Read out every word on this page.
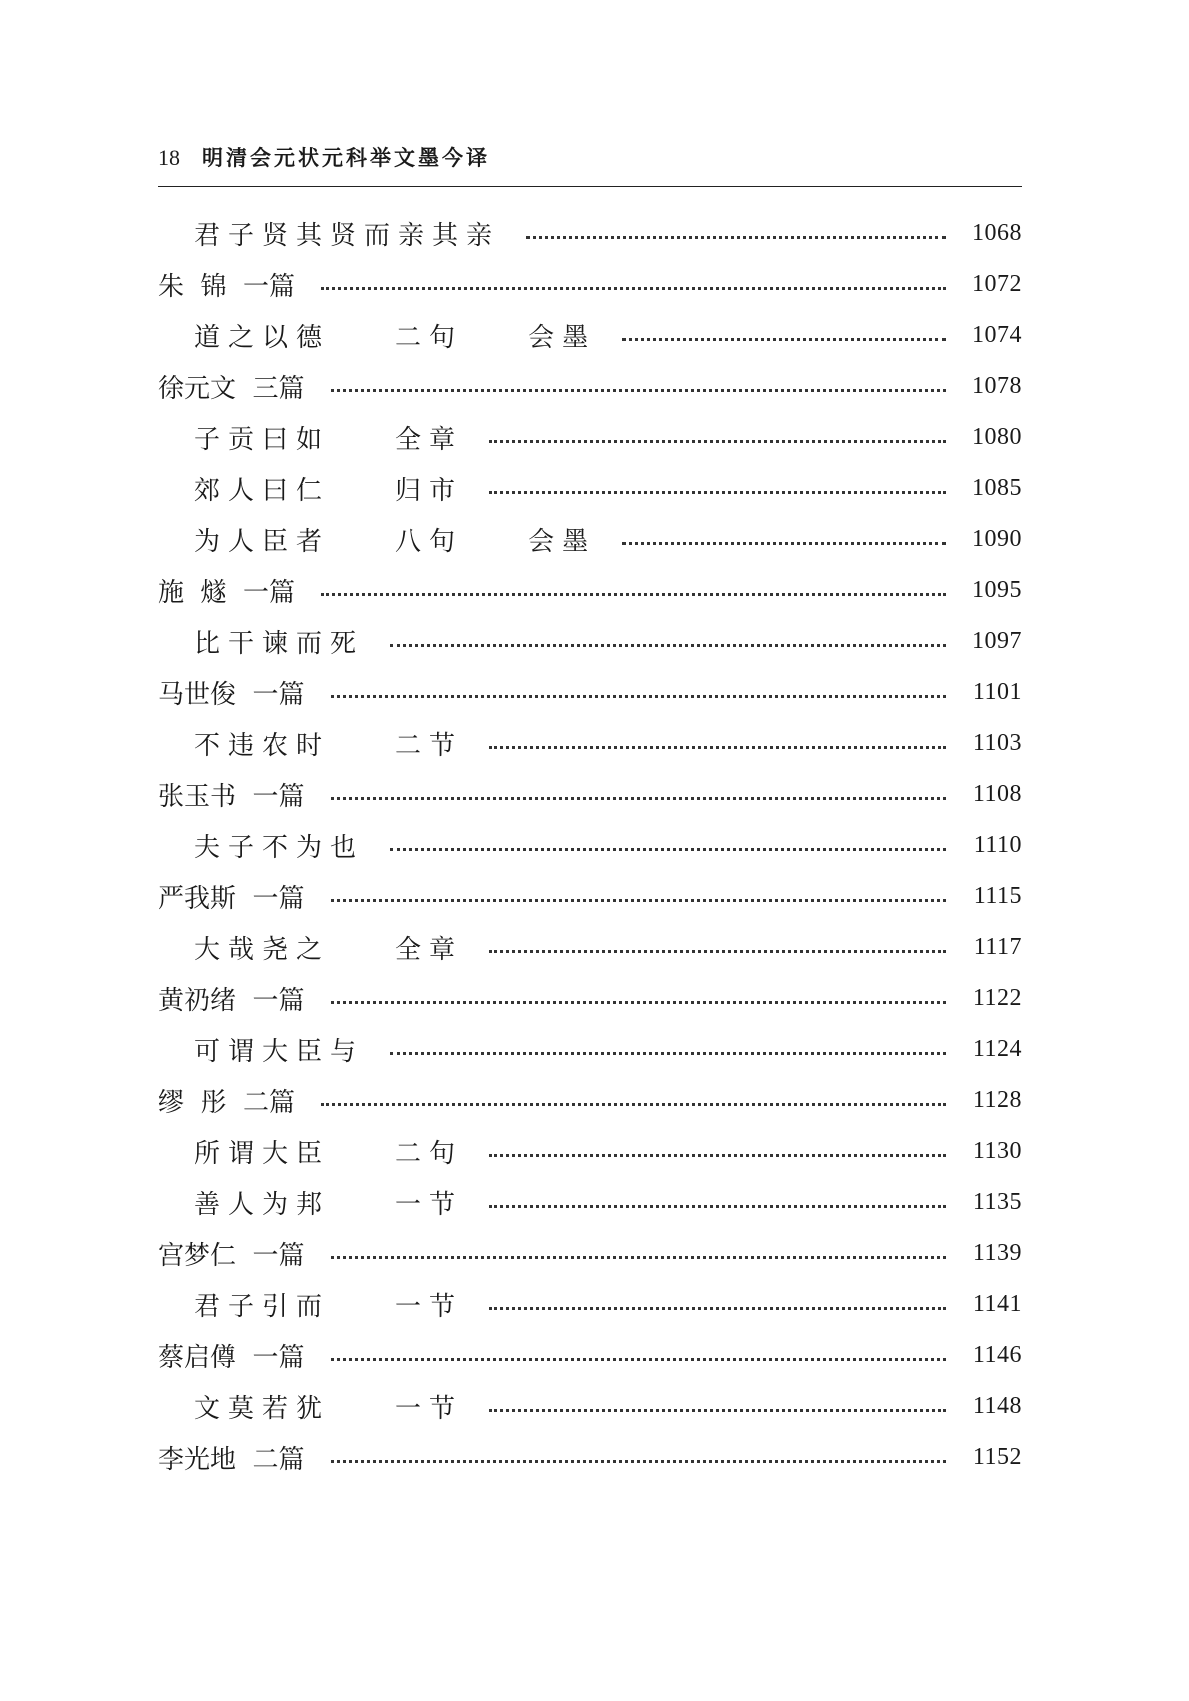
18 明清会元状元科举文墨今译
君子贤其贤而亲其亲	1068
朱  锦  一篇	1072
道之以德    二句    会墨	1074
徐元文  三篇	1078
子贡曰如    全章	1080
郊人曰仁    归市	1085
为人臣者    八句    会墨	1090
施  燧  一篇	1095
比干谏而死	1097
马世俊  一篇	1101
不违农时    二节	1103
张玉书  一篇	1108
夫子不为也	1110
严我斯  一篇	1115
大哉尧之    全章	1117
黄礽绪  一篇	1122
可谓大臣与	1124
缪  彤  二篇	1128
所谓大臣    二句	1130
善人为邦    一节	1135
宫梦仁  一篇	1139
君子引而    一节	1141
蔡启僔  一篇	1146
文莫若犹    一节	1148
李光地  二篇	1152
